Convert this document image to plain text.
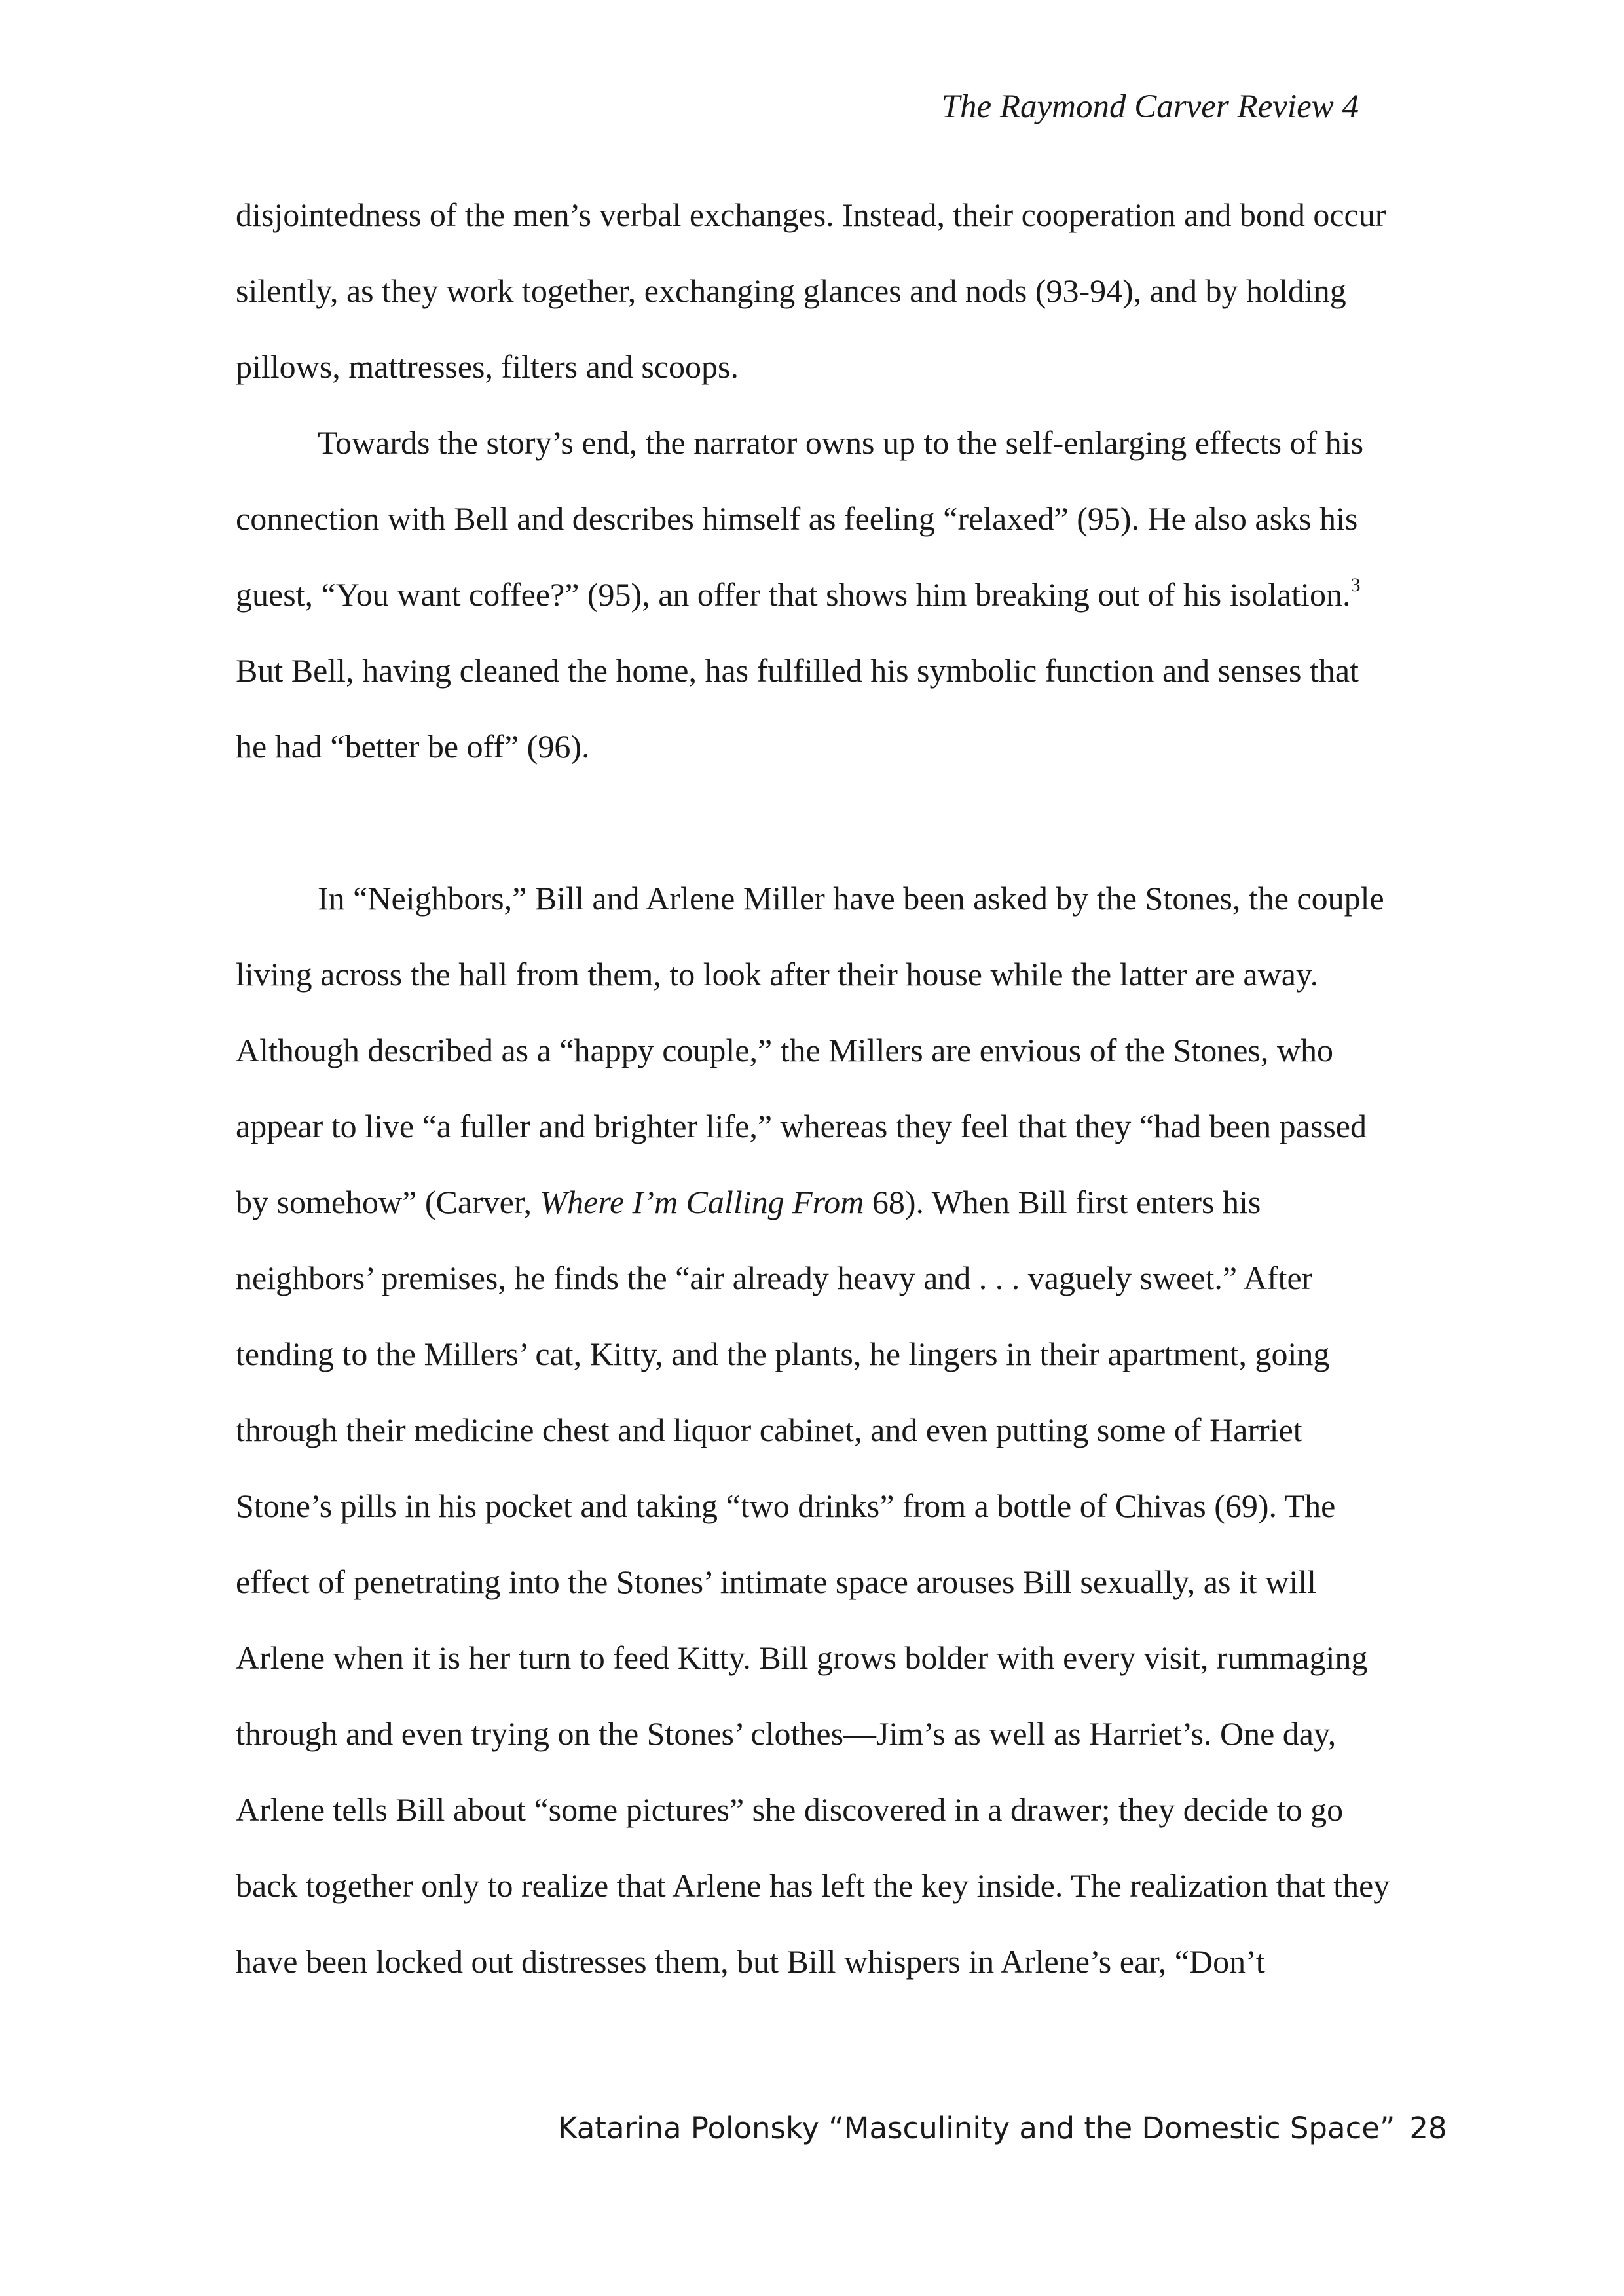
The Raymond Carver Review 4
disjointedness of the men’s verbal exchanges. Instead, their cooperation and bond occur
silently, as they work together, exchanging glances and nods (93-94), and by holding
pillows, mattresses, filters and scoops.
Towards the story’s end, the narrator owns up to the self-enlarging effects of his
connection with Bell and describes himself as feeling “relaxed” (95). He also asks his
guest, “You want coffee?” (95), an offer that shows him breaking out of his isolation.$^3$
But Bell, having cleaned the home, has fulfilled his symbolic function and senses that
he had “better be off” (96).
In “Neighbors,” Bill and Arlene Miller have been asked by the Stones, the couple
living across the hall from them, to look after their house while the latter are away.
Although described as a “happy couple,” the Millers are envious of the Stones, who
appear to live “a fuller and brighter life,” whereas they feel that they “had been passed
by somehow” (Carver, Where I’m Calling From 68). When Bill first enters his
neighbors’ premises, he finds the “air already heavy and . . . vaguely sweet.” After
tending to the Millers’ cat, Kitty, and the plants, he lingers in their apartment, going
through their medicine chest and liquor cabinet, and even putting some of Harriet
Stone’s pills in his pocket and taking “two drinks” from a bottle of Chivas (69). The
effect of penetrating into the Stones’ intimate space arouses Bill sexually, as it will
Arlene when it is her turn to feed Kitty. Bill grows bolder with every visit, rummaging
through and even trying on the Stones’ clothes—Jim’s as well as Harriet’s. One day,
Arlene tells Bill about “some pictures” she discovered in a drawer; they decide to go
back together only to realize that Arlene has left the key inside. The realization that they
have been locked out distresses them, but Bill whispers in Arlene’s ear, “Don’t
Katarina Polonsky “Masculinity and the Domestic Space” 28
